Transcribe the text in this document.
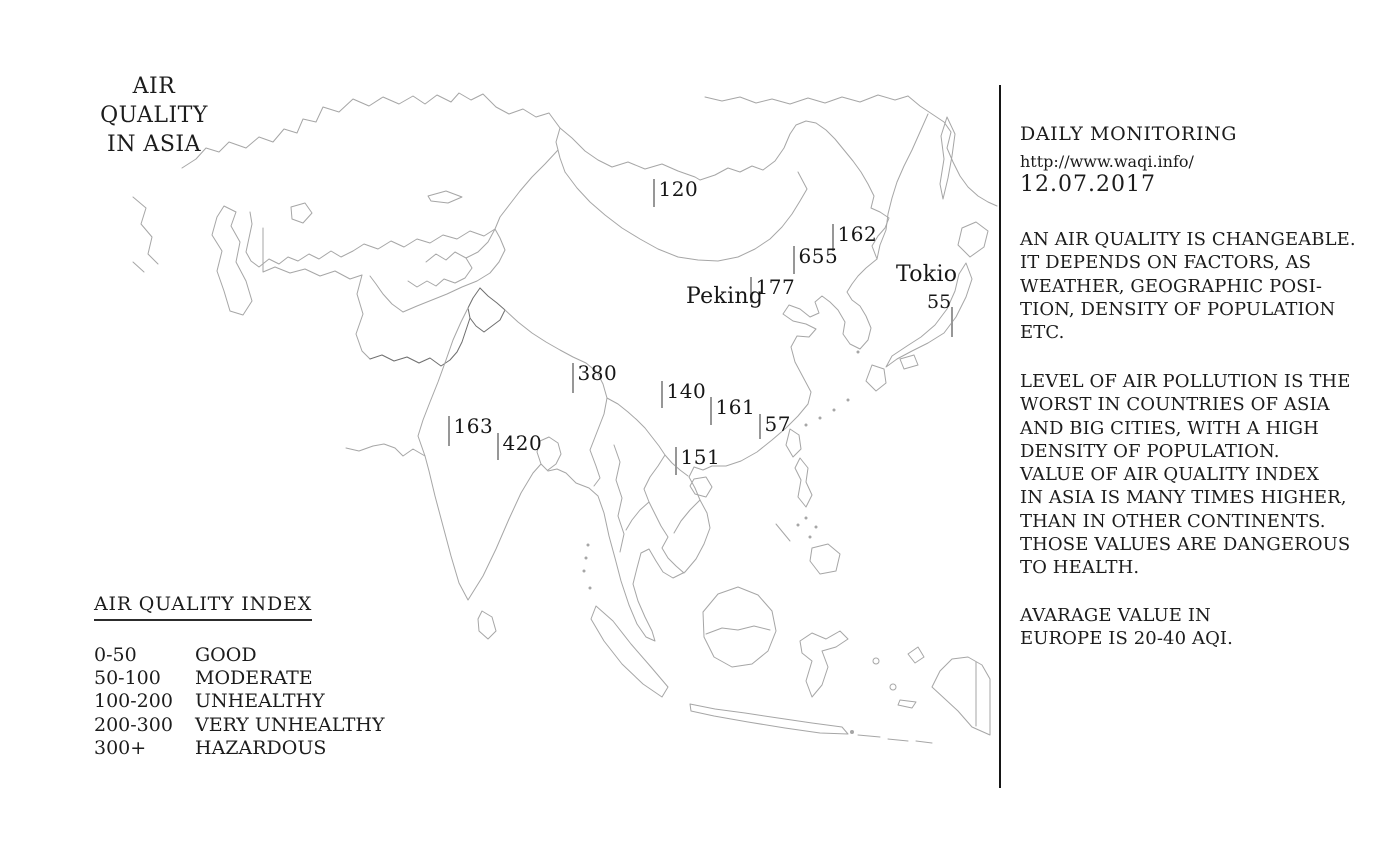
AIR QUALITY
IN ASIA
120
162
655
177
380
140
161
57
163
420
151
Peking
Tokio
55
AIR QUALITY INDEX
0-50	GOOD
50-100	MODERATE
100-200	UNHEALTHY
200-300	VERY UNHEALTHY
300+	HAZARDOUS
DAILY MONITORING
http://www.waqi.info/
12.07.2017
AN AIR QUALITY IS CHANGEABLE.
IT DEPENDS ON FACTORS, AS
WEATHER, GEOGRAPHIC POSI-
TION, DENSITY OF POPULATION
ETC.
LEVEL OF AIR POLLUTION IS THE
WORST IN COUNTRIES OF ASIA
AND BIG CITIES, WITH A HIGH
DENSITY OF POPULATION.
VALUE OF AIR QUALITY INDEX
IN ASIA IS MANY TIMES HIGHER,
THAN IN OTHER CONTINENTS.
THOSE VALUES ARE DANGEROUS
TO HEALTH.
AVARAGE VALUE IN
EUROPE IS 20-40 AQI.
